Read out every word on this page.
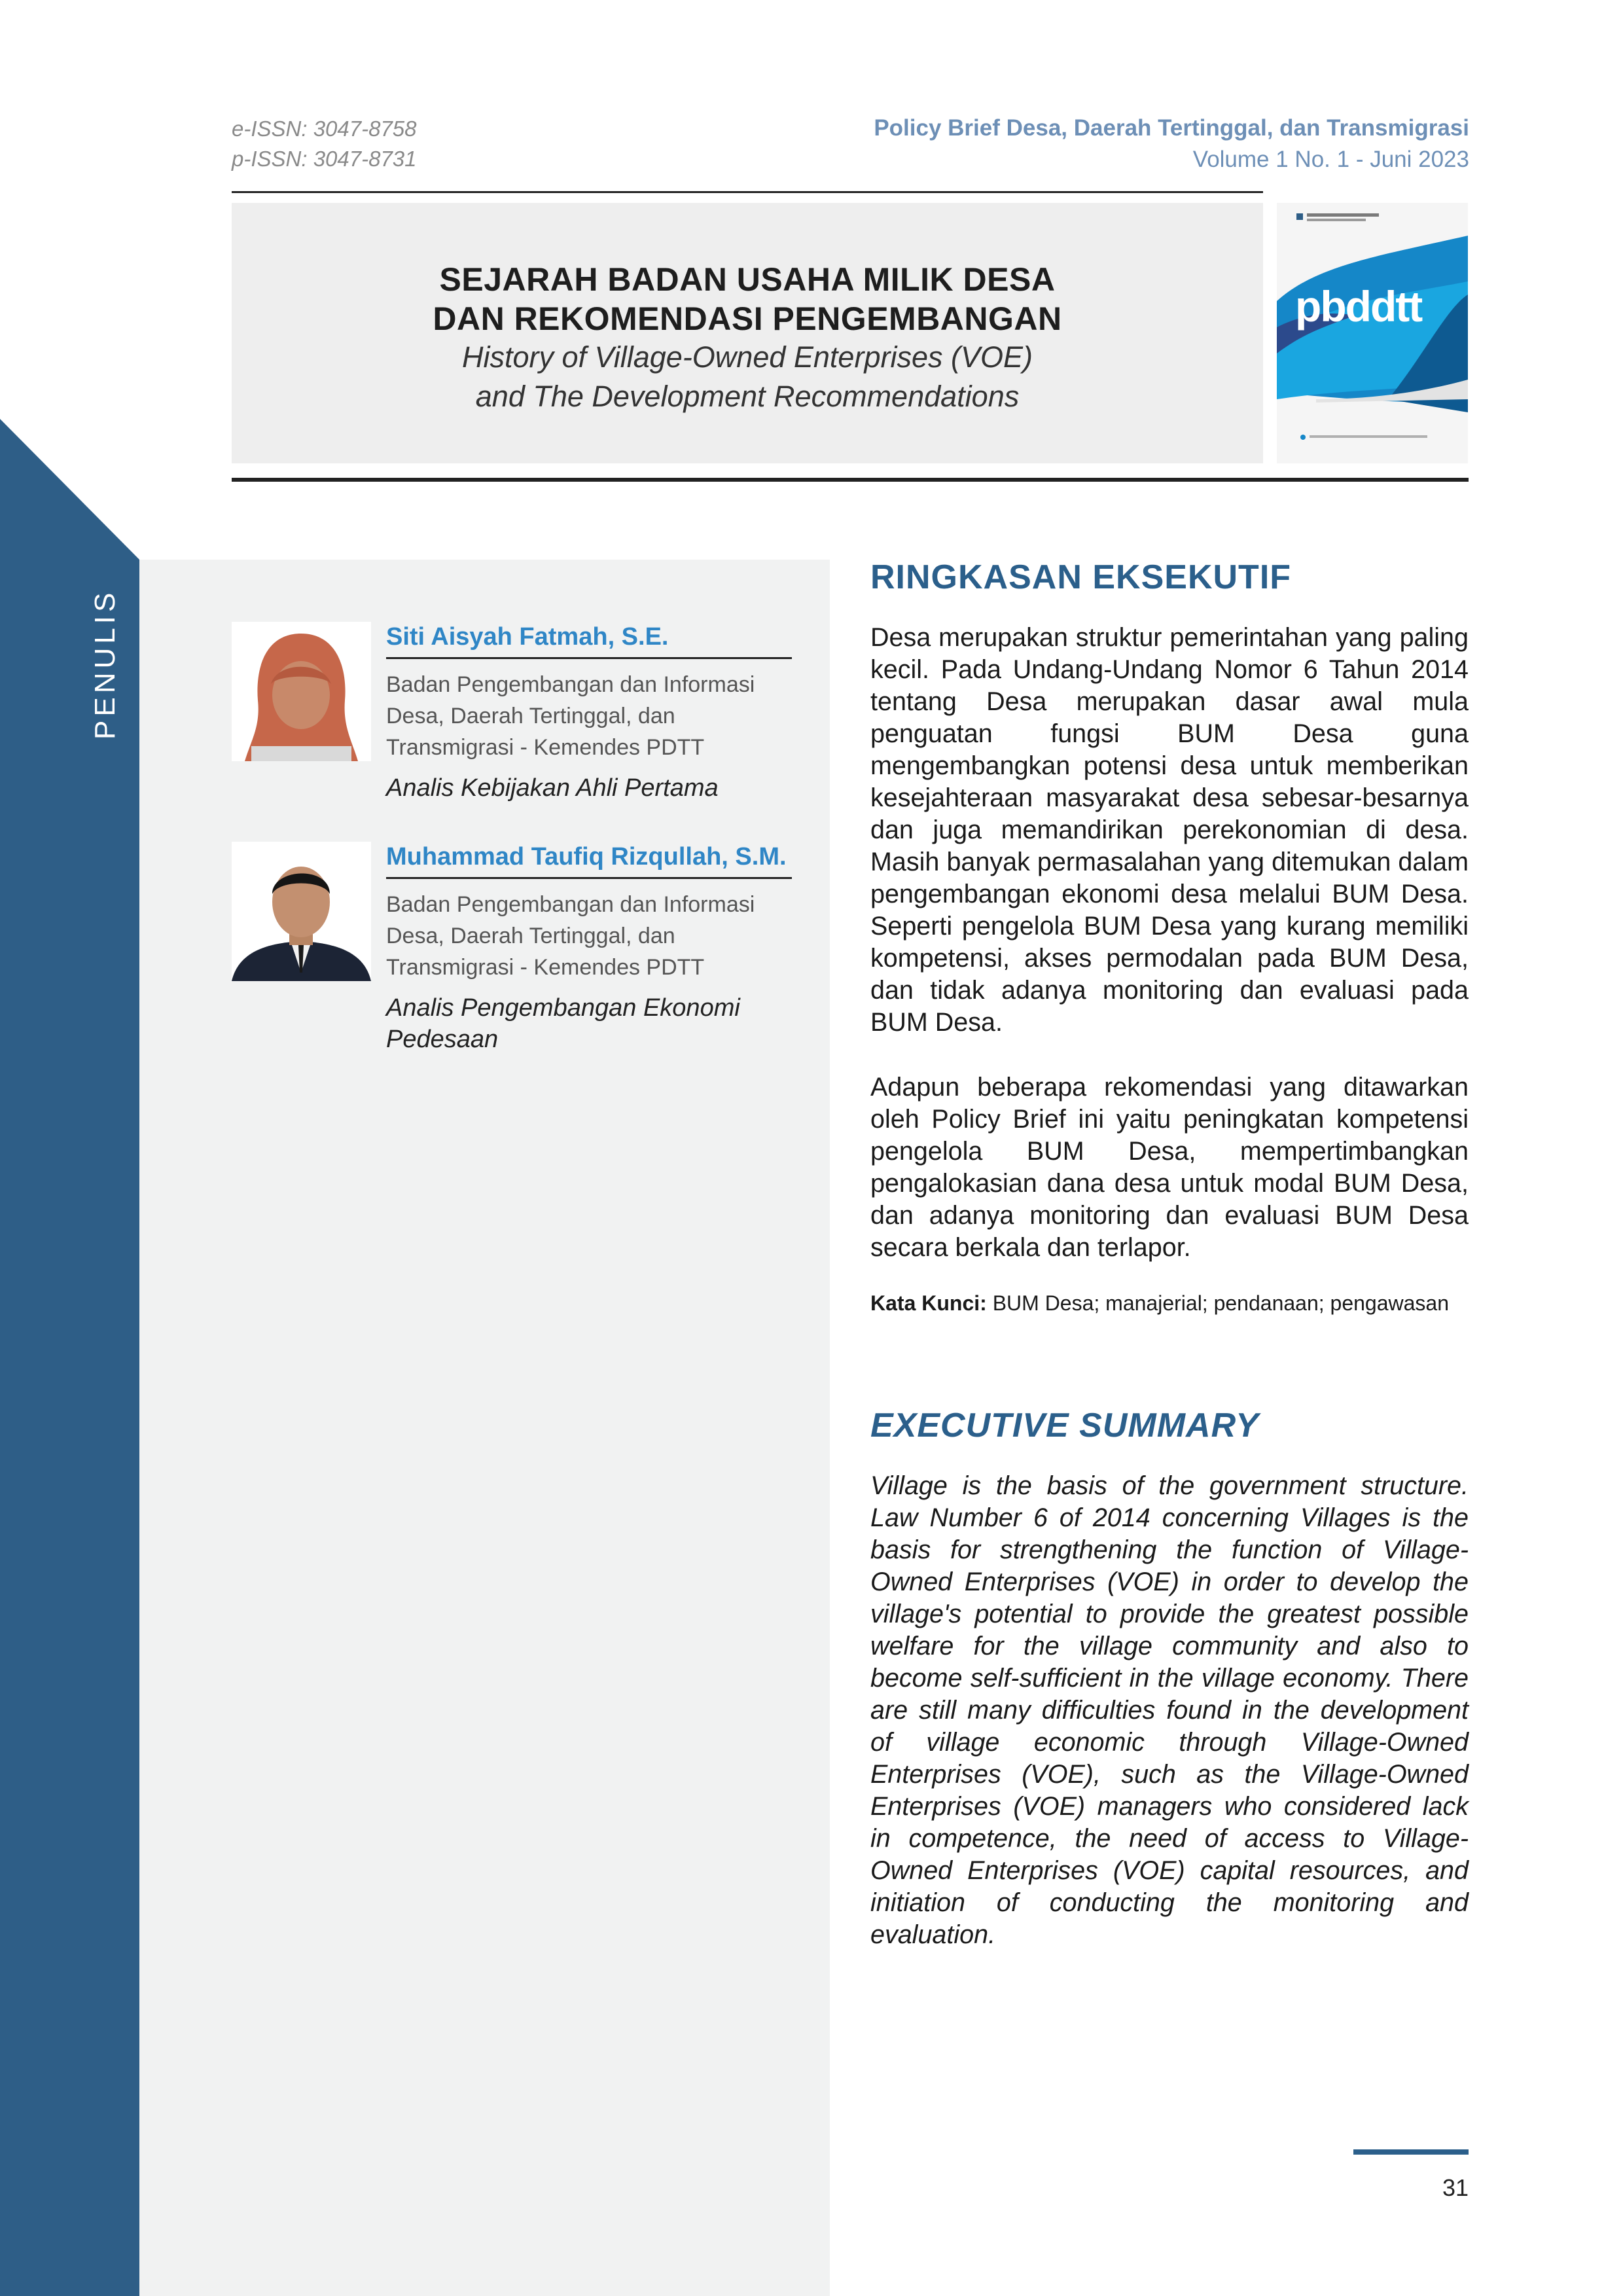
PENULIS
e-ISSN: 3047-8758
p-ISSN: 3047-8731
Policy Brief Desa, Daerah Tertinggal, dan Transmigrasi
Volume 1 No. 1 - Juni 2023
SEJARAH BADAN USAHA MILIK DESA
DAN REKOMENDASI PENGEMBANGAN
History of Village-Owned Enterprises (VOE)
and The Development Recommendations
pbddtt
Siti Aisyah Fatmah, S.E.
Badan Pengembangan dan Informasi
Desa, Daerah Tertinggal, dan
Transmigrasi - Kemendes PDTT
Analis Kebijakan Ahli Pertama
Muhammad Taufiq Rizqullah, S.M.
Badan Pengembangan dan Informasi
Desa, Daerah Tertinggal, dan
Transmigrasi - Kemendes PDTT
Analis Pengembangan Ekonomi
Pedesaan
RINGKASAN EKSEKUTIF
Desa merupakan struktur pemerintahan yang paling kecil. Pada Undang-Undang Nomor 6 Tahun 2014 tentang Desa merupakan dasar awal mula penguatan fungsi BUM Desa guna mengembangkan potensi desa untuk memberikan kesejahteraan masyarakat desa sebesar-besarnya dan juga memandirikan perekonomian di desa. Masih banyak permasalahan yang ditemukan dalam pengembangan ekonomi desa melalui BUM Desa. Seperti pengelola BUM Desa yang kurang memiliki kompetensi, akses permodalan pada BUM Desa, dan tidak adanya monitoring dan evaluasi pada BUM Desa.
Adapun beberapa rekomendasi yang ditawarkan oleh Policy Brief ini yaitu peningkatan kompetensi pengelola BUM Desa, mempertimbangkan pengalokasian dana desa untuk modal BUM Desa, dan adanya monitoring dan evaluasi BUM Desa secara berkala dan terlapor.
Kata Kunci: BUM Desa; manajerial; pendanaan; pengawasan
EXECUTIVE SUMMARY
Village is the basis of the government structure. Law Number 6 of 2014 concerning Villages is the basis for strengthening the function of Village-Owned Enterprises (VOE) in order to develop the village's potential to provide the greatest possible welfare for the village community and also to become self-sufficient in the village economy. There are still many difficulties found in the development of village economic through Village-Owned Enterprises (VOE), such as the Village-Owned Enterprises (VOE) managers who considered lack in competence, the need of access to Village-Owned Enterprises (VOE) capital resources, and initiation of conducting the monitoring and evaluation.
31
